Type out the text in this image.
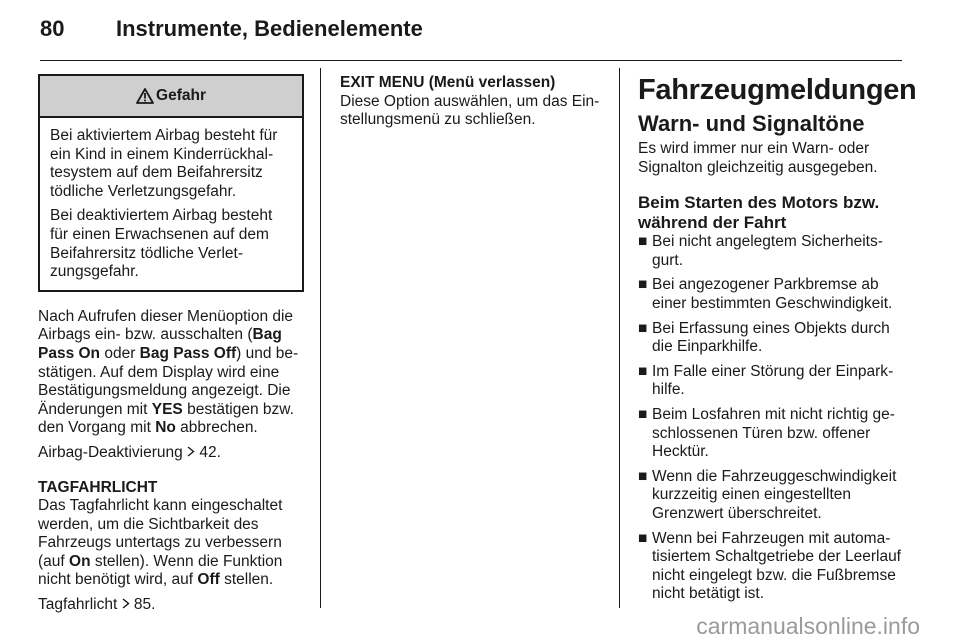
80 Instrumente, Bedienelemente
Gefahr

Bei aktiviertem Airbag besteht für ein Kind in einem Kinderrückhaltesystem auf dem Beifahrersitz tödliche Verletzungsgefahr.

Bei deaktiviertem Airbag besteht für einen Erwachsenen auf dem Beifahrersitz tödliche Verletzungsgefahr.

Nach Aufrufen dieser Menüoption die Airbags ein- bzw. ausschalten (Bag Pass On oder Bag Pass Off) und bestätigen. Auf dem Display wird eine Bestätigungsmeldung angezeigt. Die Änderungen mit YES bestätigen bzw. den Vorgang mit No abbrechen.

Airbag-Deaktivierung 42.

TAGFAHRLICHT

Das Tagfahrlicht kann eingeschaltet werden, um die Sichtbarkeit des Fahrzeugs untertags zu verbessern (auf On stellen). Wenn die Funktion nicht benötigt wird, auf Off stellen.

Tagfahrlicht 85.

EXIT MENU (Menü verlassen)

Diese Option auswählen, um das Einstellungsmenü zu schließen.

Fahrzeugmeldungen
Warn- und Signaltöne

Es wird immer nur ein Warn- oder Signalton gleichzeitig ausgegeben.

Beim Starten des Motors bzw. während der Fahrt
■ Bei nicht angelegtem Sicherheitsgurt.
■ Bei angezogener Parkbremse ab einer bestimmten Geschwindigkeit.
■ Bei Erfassung eines Objekts durch die Einparkhilfe.
■ Im Falle einer Störung der Einparkhilfe.
■ Beim Losfahren mit nicht richtig geschlossenen Türen bzw. offener Hecktür.
■ Wenn die Fahrzeuggeschwindigkeit kurzzeitig einen eingestellten Grenzwert überschreitet.
■ Wenn bei Fahrzeugen mit automatisiertem Schaltgetriebe der Leerlauf nicht eingelegt bzw. die Fußbremse nicht betätigt ist.
carmanualsonline.info
